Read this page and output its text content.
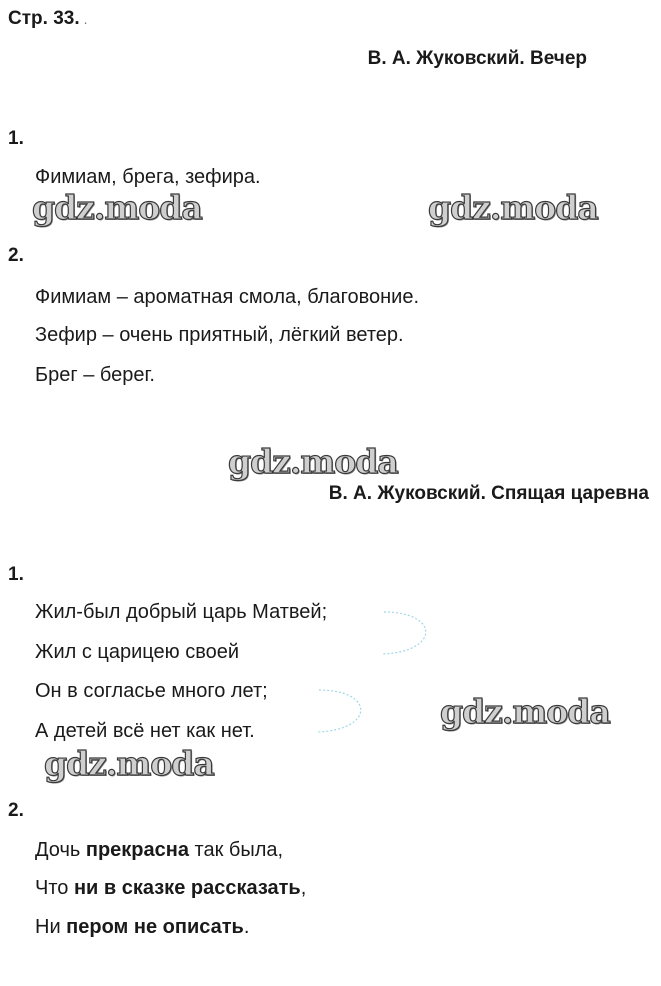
Стр. 33. .
В. А. Жуковский. Вечер
1.
Фимиам, брега, зефира.
gdz.moda	gdz.moda
2.
Фимиам – ароматная смола, благовоние.
Зефир – очень приятный, лёгкий ветер.
Брег – берег.
gdz.moda
В. А. Жуковский. Спящая царевна
1.
Жил-был добрый царь Матвей;
Жил с царицею своей
Он в согласье много лет;
А детей всё нет как нет.	gdz.moda
gdz.moda
2.
Дочь прекрасна так была,
Что ни в сказке рассказать,
Ни пером не описать.
